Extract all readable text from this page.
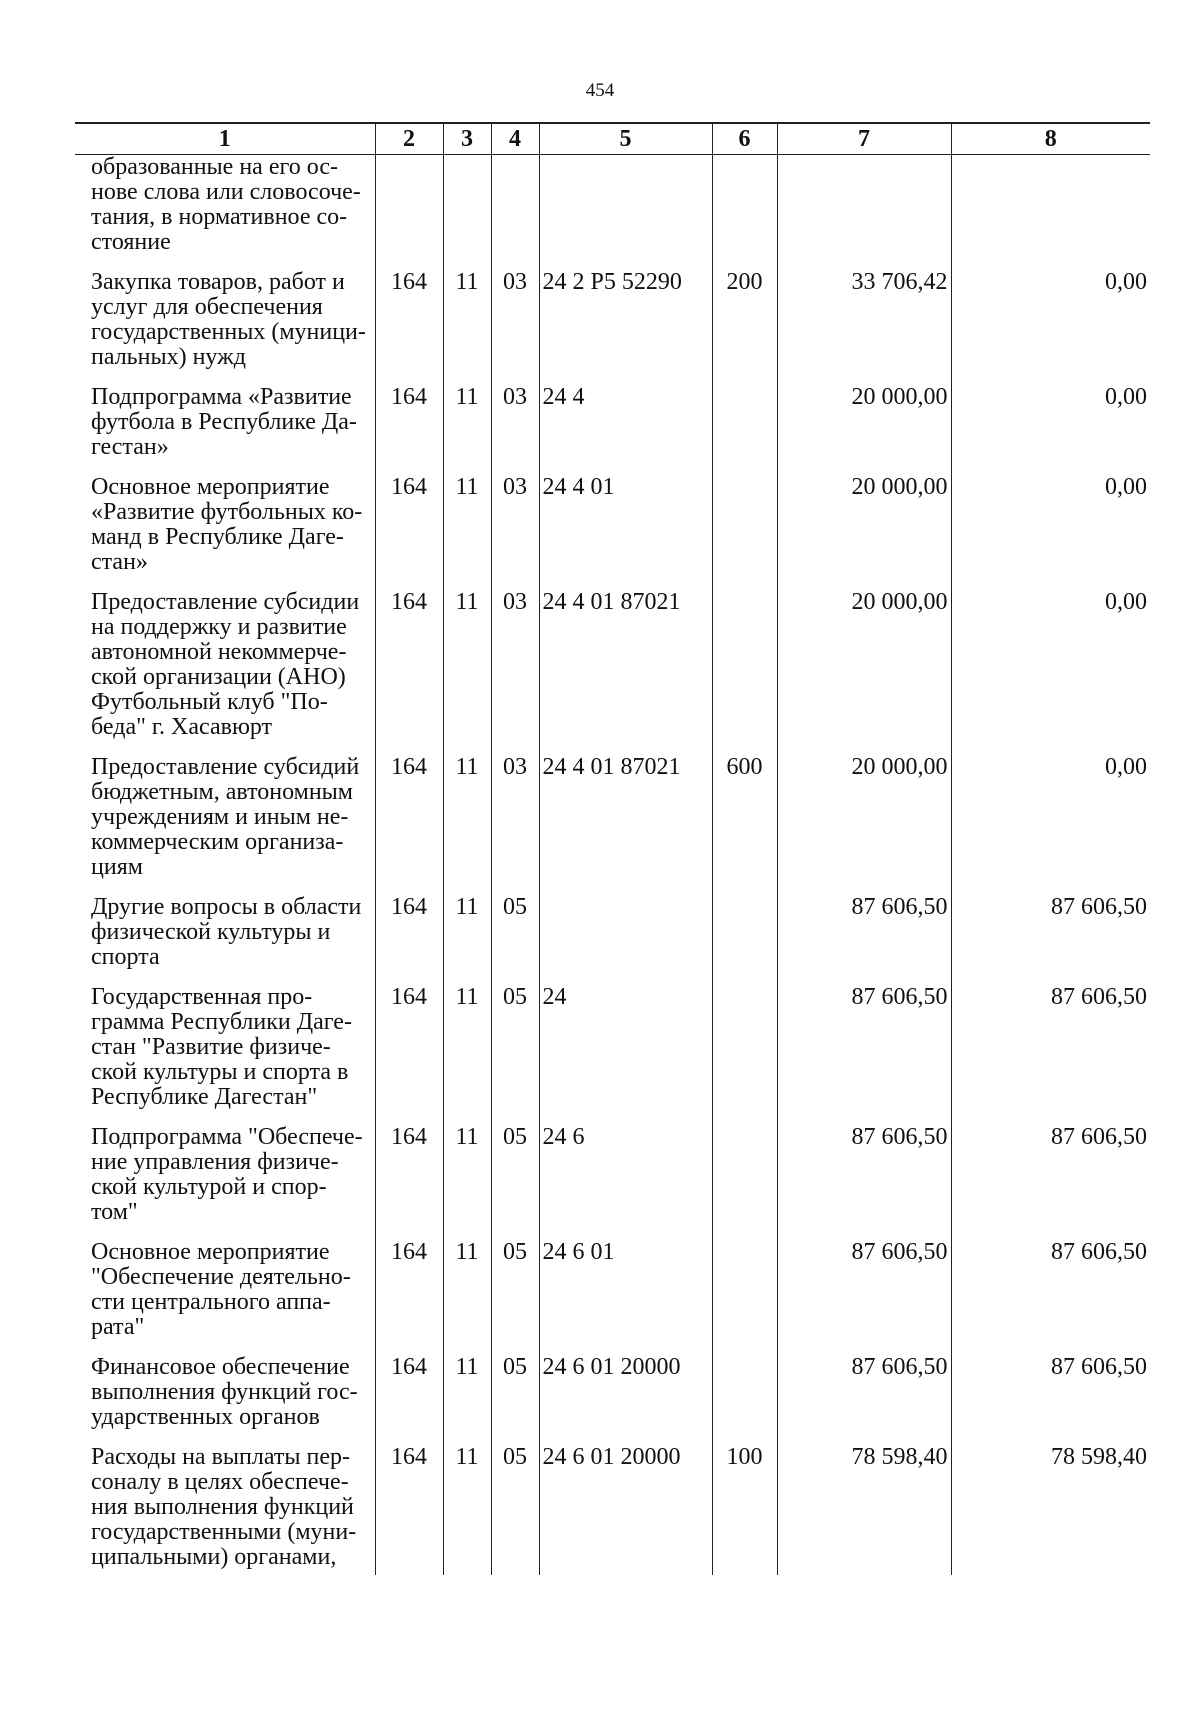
454
1	2	3	4	5	6	7	8
образованные на его ос-нове слова или словосоче-тания, в нормативное со-стояние							
Закупка товаров, работ и услуг для обеспечения государственных (муници-пальных) нужд	164	11	03	24 2 Р5 52290	200	33 706,42	0,00
Подпрограмма «Развитие футбола в Республике Да-гестан»	164	11	03	24 4		20 000,00	0,00
Основное мероприятие «Развитие футбольных ко-манд в Республике Даге-стан»	164	11	03	24 4 01		20 000,00	0,00
Предоставление субсидии на поддержку и развитие автономной некоммерче-ской организации (АНО) Футбольный клуб "По-беда" г. Хасавюрт	164	11	03	24 4 01 87021		20 000,00	0,00
Предоставление субсидий бюджетным, автономным учреждениям и иным не-коммерческим организа-циям	164	11	03	24 4 01 87021	600	20 000,00	0,00
Другие вопросы в области физической культуры и спорта	164	11	05			87 606,50	87 606,50
Государственная про-грамма Республики Даге-стан "Развитие физиче-ской культуры и спорта в Республике Дагестан"	164	11	05	24		87 606,50	87 606,50
Подпрограмма "Обеспече-ние управления физиче-ской культурой и спор-том"	164	11	05	24 6		87 606,50	87 606,50
Основное мероприятие "Обеспечение деятельно-сти центрального аппа-рата"	164	11	05	24 6 01		87 606,50	87 606,50
Финансовое обеспечение выполнения функций гос-ударственных органов	164	11	05	24 6 01 20000		87 606,50	87 606,50
Расходы на выплаты пер-соналу в целях обеспече-ния выполнения функций государственными (муни-ципальными) органами,	164	11	05	24 6 01 20000	100	78 598,40	78 598,40
